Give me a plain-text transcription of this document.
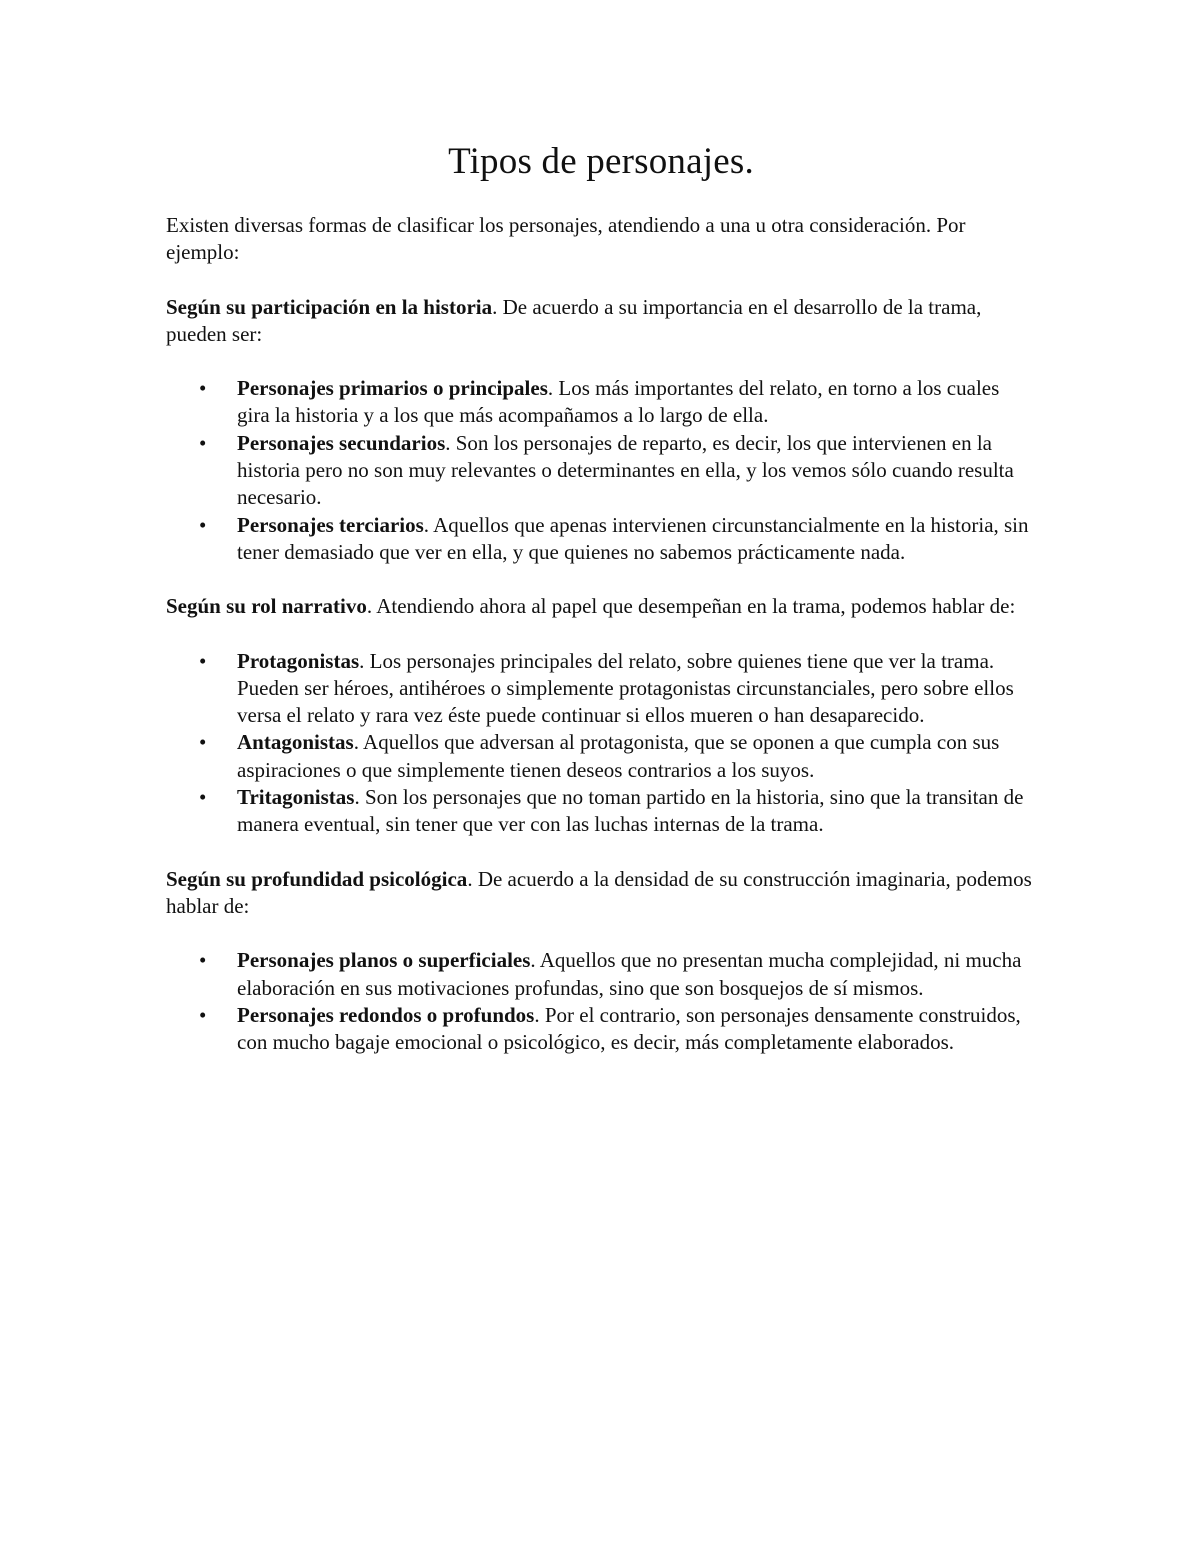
Tipos de personajes.

Existen diversas formas de clasificar los personajes, atendiendo a una u otra consideración. Por ejemplo:

Según su participación en la historia. De acuerdo a su importancia en el desarrollo de la trama, pueden ser:

• Personajes primarios o principales. Los más importantes del relato, en torno a los cuales gira la historia y a los que más acompañamos a lo largo de ella.
• Personajes secundarios. Son los personajes de reparto, es decir, los que intervienen en la historia pero no son muy relevantes o determinantes en ella, y los vemos sólo cuando resulta necesario.
• Personajes terciarios. Aquellos que apenas intervienen circunstancialmente en la historia, sin tener demasiado que ver en ella, y que quienes no sabemos prácticamente nada.

Según su rol narrativo. Atendiendo ahora al papel que desempeñan en la trama, podemos hablar de:

• Protagonistas. Los personajes principales del relato, sobre quienes tiene que ver la trama. Pueden ser héroes, antihéroes o simplemente protagonistas circunstanciales, pero sobre ellos versa el relato y rara vez éste puede continuar si ellos mueren o han desaparecido.
• Antagonistas. Aquellos que adversan al protagonista, que se oponen a que cumpla con sus aspiraciones o que simplemente tienen deseos contrarios a los suyos.
• Tritagonistas. Son los personajes que no toman partido en la historia, sino que la transitan de manera eventual, sin tener que ver con las luchas internas de la trama.

Según su profundidad psicológica. De acuerdo a la densidad de su construcción imaginaria, podemos hablar de:

• Personajes planos o superficiales. Aquellos que no presentan mucha complejidad, ni mucha elaboración en sus motivaciones profundas, sino que son bosquejos de sí mismos.
• Personajes redondos o profundos. Por el contrario, son personajes densamente construidos, con mucho bagaje emocional o psicológico, es decir, más completamente elaborados.
